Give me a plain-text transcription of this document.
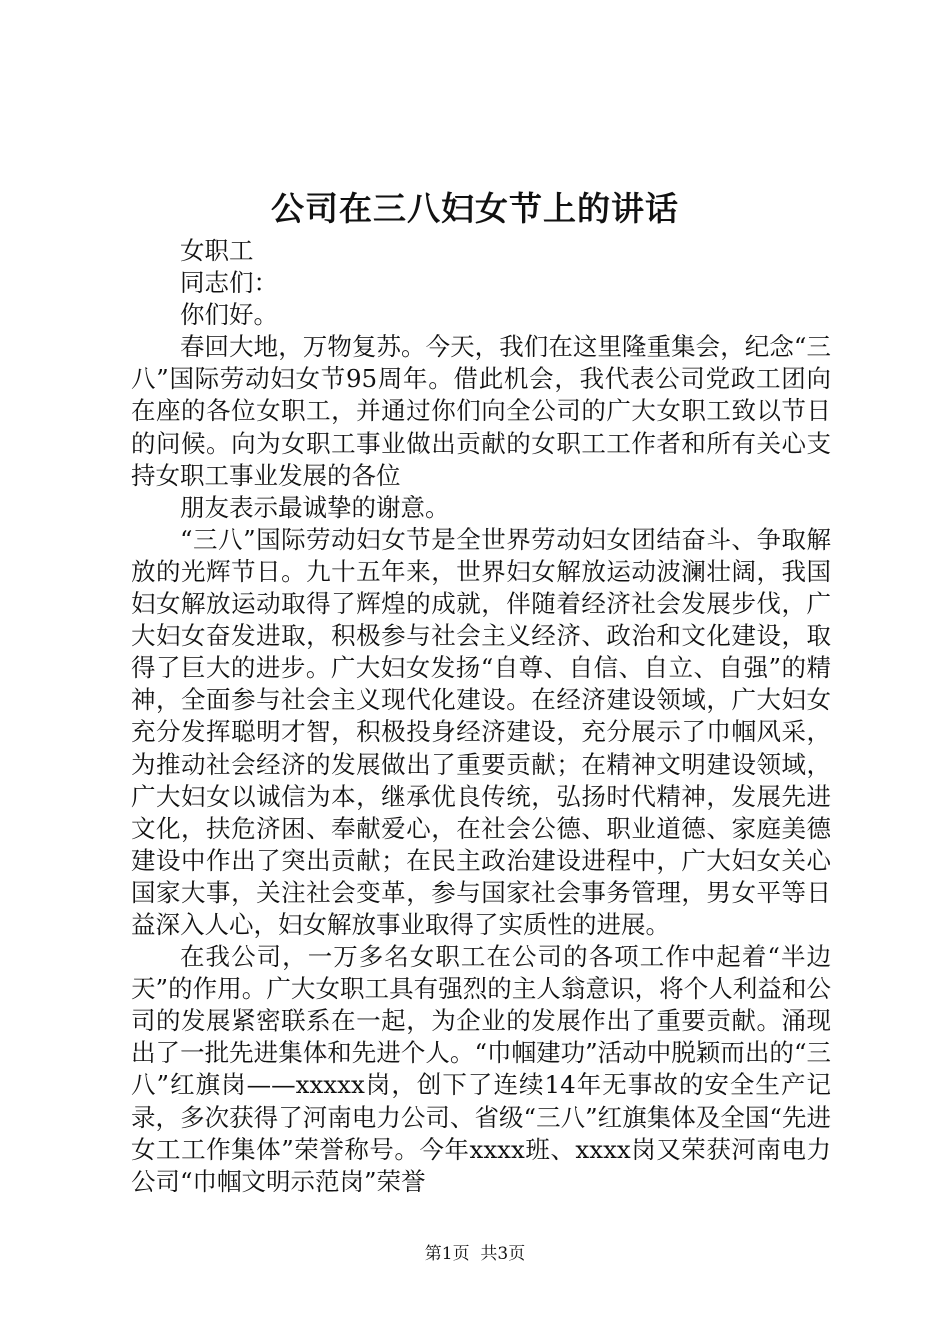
公司在三八妇女节上的讲话

女职工

同志们：

你们好。

春回大地，万物复苏。今天，我们在这里隆重集会，纪念“三八”国际劳动妇女节95周年。借此机会，我代表公司党政工团向在座的各位女职工，并通过你们向全公司的广大女职工致以节日的问候。向为女职工事业做出贡献的女职工工作者和所有关心支持女职工事业发展的各位

朋友表示最诚挚的谢意。

“三八”国际劳动妇女节是全世界劳动妇女团结奋斗、争取解放的光辉节日。九十五年来，世界妇女解放运动波澜壮阔，我国妇女解放运动取得了辉煌的成就，伴随着经济社会发展步伐，广大妇女奋发进取，积极参与社会主义经济、政治和文化建设，取得了巨大的进步。广大妇女发扬“自尊、自信、自立、自强”的精神，全面参与社会主义现代化建设。在经济建设领域，广大妇女充分发挥聪明才智，积极投身经济建设，充分展示了巾帼风采，为推动社会经济的发展做出了重要贡献；在精神文明建设领域，广大妇女以诚信为本，继承优良传统，弘扬时代精神，发展先进文化，扶危济困、奉献爱心，在社会公德、职业道德、家庭美德建设中作出了突出贡献；在民主政治建设进程中，广大妇女关心国家大事，关注社会变革，参与国家社会事务管理，男女平等日益深入人心，妇女解放事业取得了实质性的进展。

在我公司，一万多名女职工在公司的各项工作中起着“半边天”的作用。广大女职工具有强烈的主人翁意识，将个人利益和公司的发展紧密联系在一起，为企业的发展作出了重要贡献。涌现出了一批先进集体和先进个人。“巾帼建功”活动中脱颖而出的“三八”红旗岗——xxxxx岗，创下了连续14年无事故的安全生产记录，多次获得了河南电力公司、省级“三八”红旗集体及全国“先进女工工作集体”荣誉称号。今年xxxx班、xxxx岗又荣获河南电力公司“巾帼文明示范岗”荣誉

第1页 共3页
